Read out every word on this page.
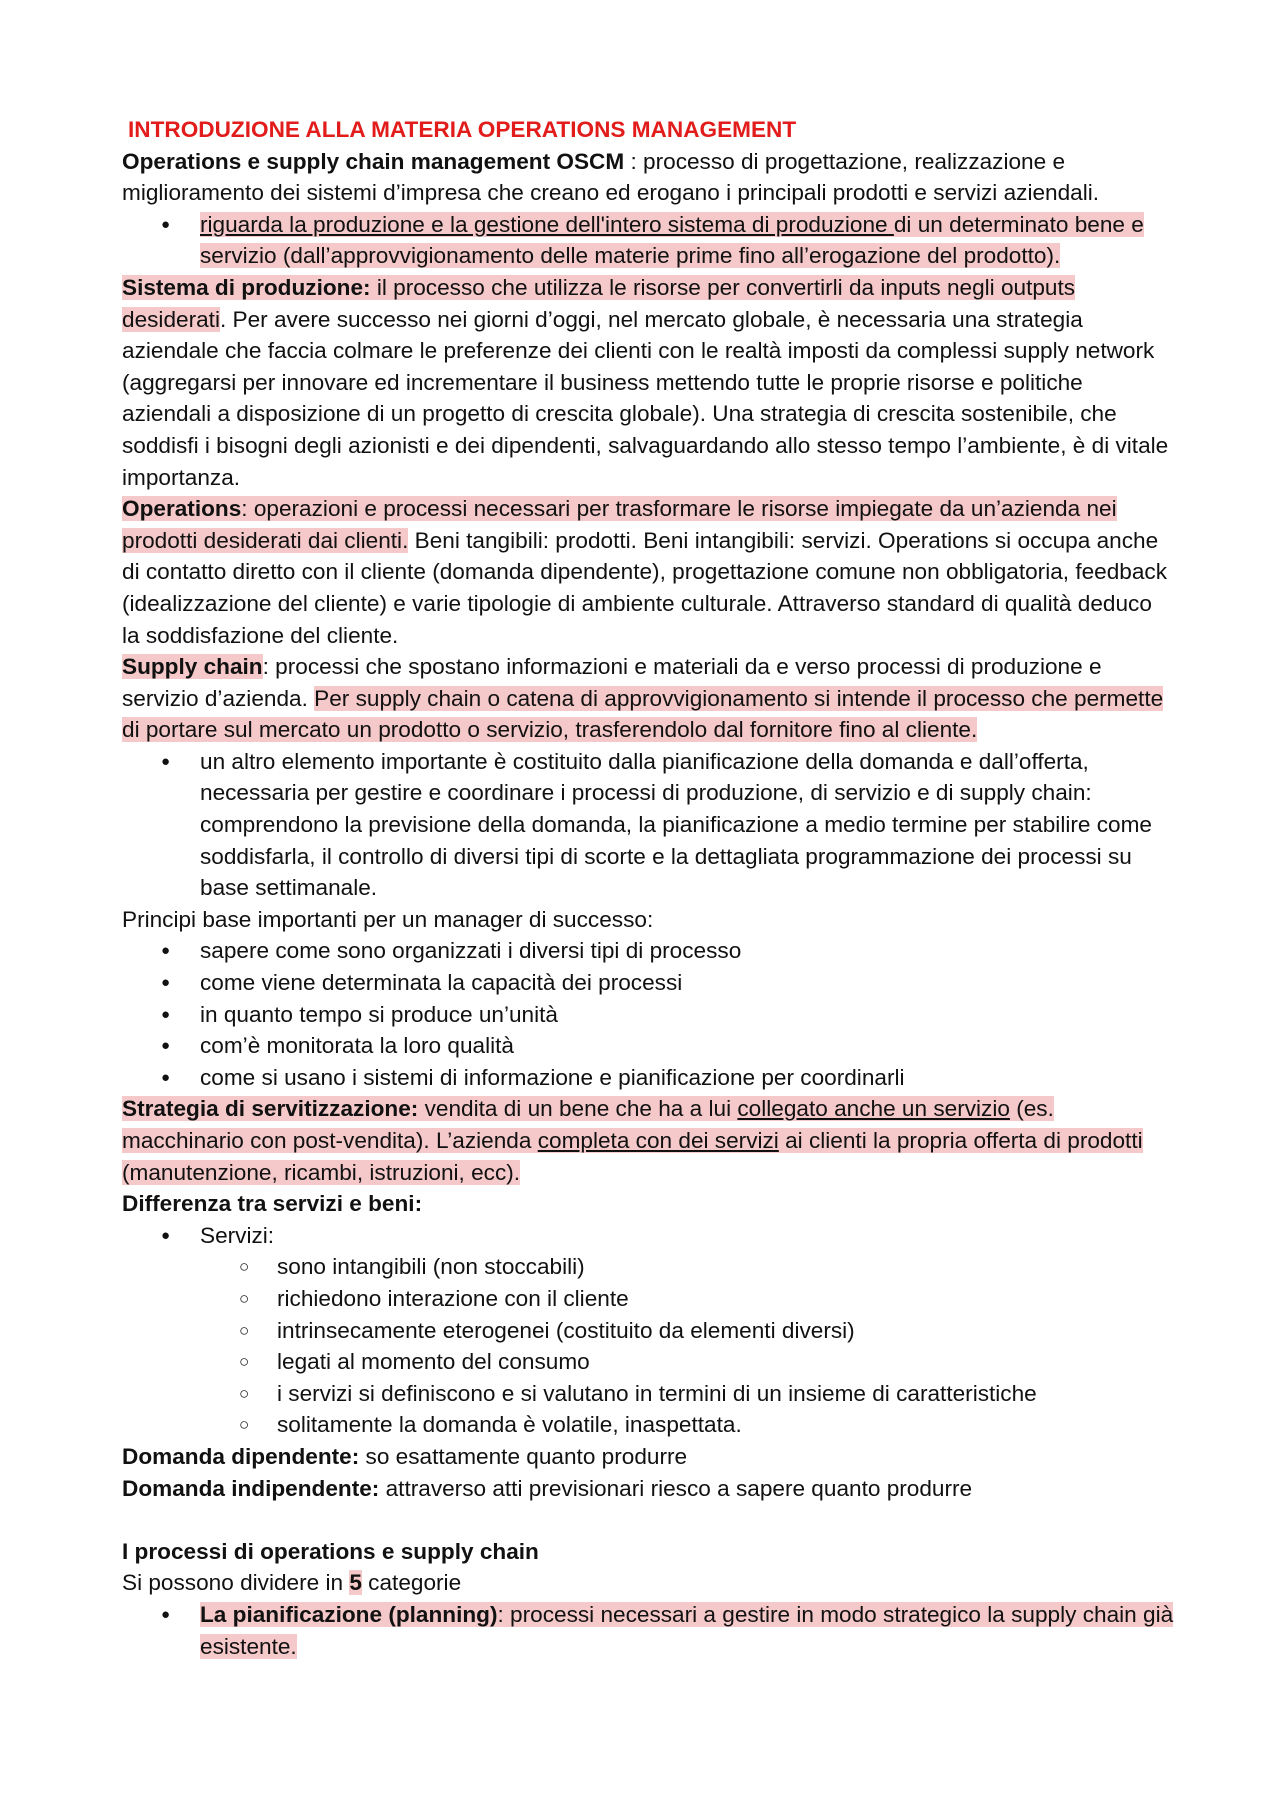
INTRODUZIONE ALLA MATERIA OPERATIONS MANAGEMENT

Operations e supply chain management OSCM : processo di progettazione, realizzazione e miglioramento dei sistemi d’impresa che creano ed erogano i principali prodotti e servizi aziendali.

● riguarda la produzione e la gestione dell'intero sistema di produzione di un determinato bene e servizio (dall’approvvigionamento delle materie prime fino all’erogazione del prodotto).

Sistema di produzione: il processo che utilizza le risorse per convertirli da inputs negli outputs desiderati. Per avere successo nei giorni d’oggi, nel mercato globale, è necessaria una strategia aziendale che faccia colmare le preferenze dei clienti con le realtà imposti da complessi supply network (aggregarsi per innovare ed incrementare il business mettendo tutte le proprie risorse e politiche aziendali a disposizione di un progetto di crescita globale). Una strategia di crescita sostenibile, che soddisfi i bisogni degli azionisti e dei dipendenti, salvaguardando allo stesso tempo l’ambiente, è di vitale importanza.

Operations: operazioni e processi necessari per trasformare le risorse impiegate da un’azienda nei prodotti desiderati dai clienti. Beni tangibili: prodotti. Beni intangibili: servizi. Operations si occupa anche di contatto diretto con il cliente (domanda dipendente), progettazione comune non obbligatoria, feedback (idealizzazione del cliente) e varie tipologie di ambiente culturale. Attraverso standard di qualità deduco la soddisfazione del cliente.

Supply chain: processi che spostano informazioni e materiali da e verso processi di produzione e servizio d’azienda. Per supply chain o catena di approvvigionamento si intende il processo che permette di portare sul mercato un prodotto o servizio, trasferendolo dal fornitore fino al cliente.

● un altro elemento importante è costituito dalla pianificazione della domanda e dall’offerta, necessaria per gestire e coordinare i processi di produzione, di servizio e di supply chain: comprendono la previsione della domanda, la pianificazione a medio termine per stabilire come soddisfarla, il controllo di diversi tipi di scorte e la dettagliata programmazione dei processi su base settimanale.

Principi base importanti per un manager di successo:

● sapere come sono organizzati i diversi tipi di processo
● come viene determinata la capacità dei processi
● in quanto tempo si produce un’unità
● com’è monitorata la loro qualità
● come si usano i sistemi di informazione e pianificazione per coordinarli

Strategia di servitizzazione: vendita di un bene che ha a lui collegato anche un servizio (es. macchinario con post-vendita). L’azienda completa con dei servizi ai clienti la propria offerta di prodotti (manutenzione, ricambi, istruzioni, ecc).

Differenza tra servizi e beni:

● Servizi:
○ sono intangibili (non stoccabili)
○ richiedono interazione con il cliente
○ intrinsecamente eterogenei (costituito da elementi diversi)
○ legati al momento del consumo
○ i servizi si definiscono e si valutano in termini di un insieme di caratteristiche
○ solitamente la domanda è volatile, inaspettata.

Domanda dipendente: so esattamente quanto produrre

Domanda indipendente: attraverso atti previsionari riesco a sapere quanto produrre

I processi di operations e supply chain

Si possono dividere in 5 categorie

● La pianificazione (planning): processi necessari a gestire in modo strategico la supply chain già esistente.
